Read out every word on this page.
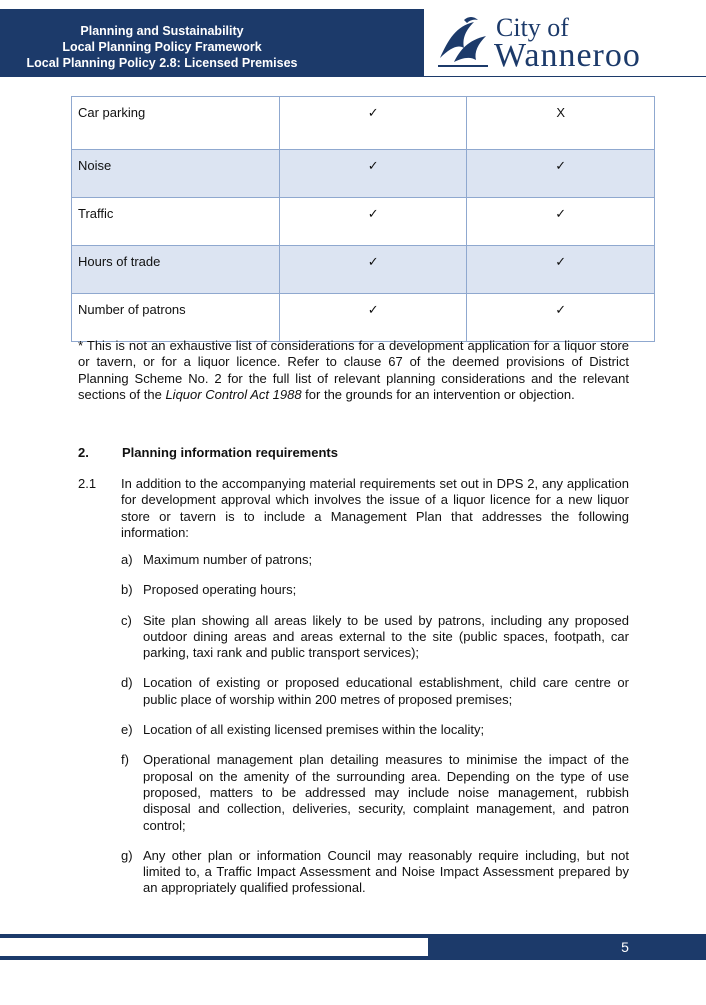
Planning and Sustainability
Local Planning Policy Framework
Local Planning Policy 2.8: Licensed Premises
City of
Wanneroo
Car parking	✓	X
Noise	✓	✓
Traffic	✓	✓
Hours of trade	✓	✓
Number of patrons	✓	✓
* This is not an exhaustive list of considerations for a development application for a liquor store or tavern, or for a liquor licence. Refer to clause 67 of the deemed provisions of District Planning Scheme No. 2 for the full list of relevant planning considerations and the relevant sections of the Liquor Control Act 1988 for the grounds for an intervention or objection.
2.	Planning information requirements
2.1 In addition to the accompanying material requirements set out in DPS 2, any application for development approval which involves the issue of a liquor licence for a new liquor store or tavern is to include a Management Plan that addresses the following information:
a) Maximum number of patrons;
b) Proposed operating hours;
c) Site plan showing all areas likely to be used by patrons, including any proposed outdoor dining areas and areas external to the site (public spaces, footpath, car parking, taxi rank and public transport services);
d) Location of existing or proposed educational establishment, child care centre or public place of worship within 200 metres of proposed premises;
e) Location of all existing licensed premises within the locality;
f) Operational management plan detailing measures to minimise the impact of the proposal on the amenity of the surrounding area. Depending on the type of use proposed, matters to be addressed may include noise management, rubbish disposal and collection, deliveries, security, complaint management, and patron control;
g) Any other plan or information Council may reasonably require including, but not limited to, a Traffic Impact Assessment and Noise Impact Assessment prepared by an appropriately qualified professional.
5
